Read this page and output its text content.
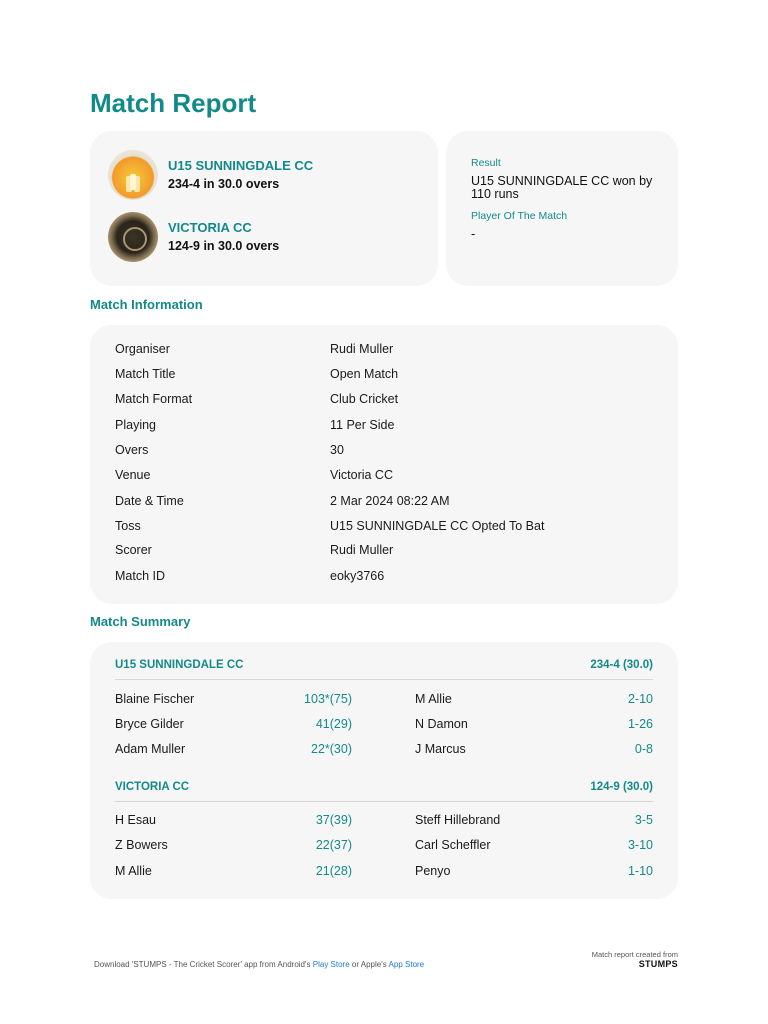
Match Report
U15 SUNNINGDALE CC
234-4 in 30.0 overs
VICTORIA CC
124-9 in 30.0 overs
Result
U15 SUNNINGDALE CC won by 110 runs
Player Of The Match
-
Match Information
Organiser	Rudi Muller
Match Title	Open Match
Match Format	Club Cricket
Playing	11 Per Side
Overs	30
Venue	Victoria CC
Date & Time	2 Mar 2024 08:22 AM
Toss	U15 SUNNINGDALE CC Opted To Bat
Scorer	Rudi Muller
Match ID	eoky3766
Match Summary
U15 SUNNINGDALE CC	234-4 (30.0)
Blaine Fischer	103*(75)	M Allie	2-10
Bryce Gilder	41(29)	N Damon	1-26
Adam Muller	22*(30)	J Marcus	0-8
VICTORIA CC	124-9 (30.0)
H Esau	37(39)	Steff Hillebrand	3-5
Z Bowers	22(37)	Carl Scheffler	3-10
M Allie	21(28)	Penyo	1-10
Download 'STUMPS - The Cricket Scorer' app from Android's Play Store or Apple's App Store
Match report created from
STUMPS
